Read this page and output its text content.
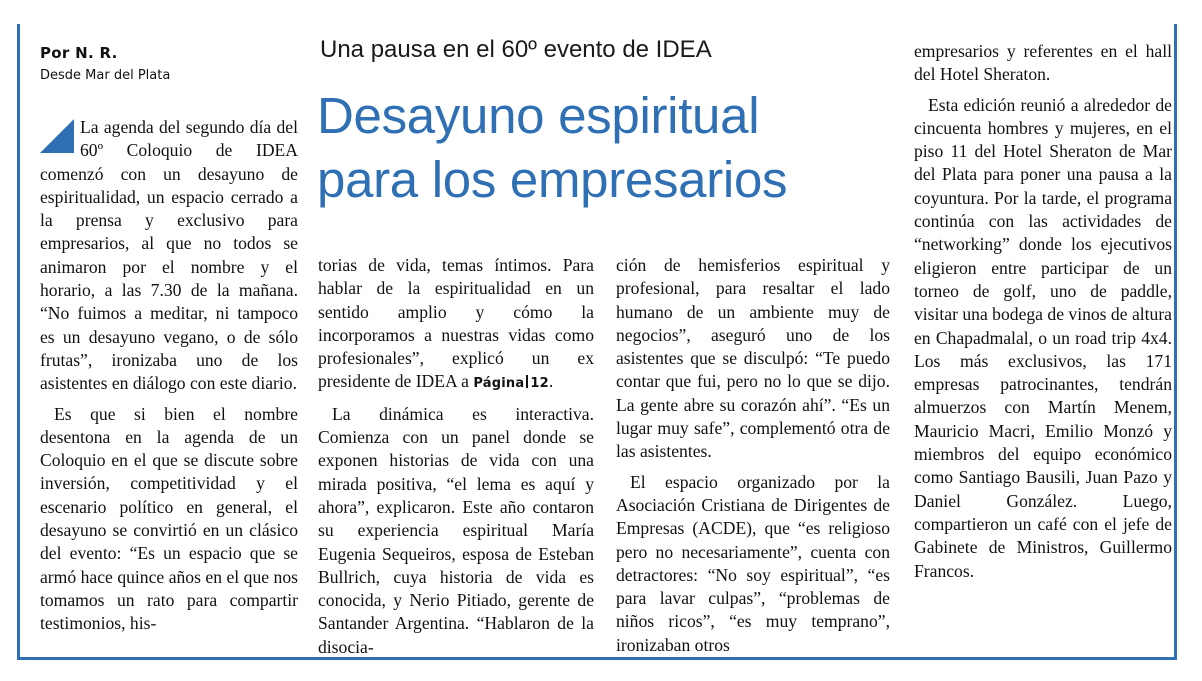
Por N. R.
Desde Mar del Plata
Una pausa en el 60º evento de IDEA
Desayuno espiritual
para los empresarios

La agenda del segundo día del 60º Coloquio de IDEA comenzó con un desayuno de espiritualidad, un espacio cerrado a la prensa y exclusivo para empresarios, al que no todos se animaron por el nombre y el horario, a las 7.30 de la mañana. “No fuimos a meditar, ni tampoco es un desayuno vegano, o de sólo frutas”, ironizaba uno de los asistentes en diálogo con este diario.

Es que si bien el nombre desentona en la agenda de un Coloquio en el que se discute sobre inversión, competitividad y el escenario político en general, el desayuno se convirtió en un clásico del evento: “Es un espacio que se armó hace quince años en el que nos tomamos un rato para compartir testimonios, his-

torias de vida, temas íntimos. Para hablar de la espiritualidad en un sentido amplio y cómo la incorporamos a nuestras vidas como profesionales”, explicó un ex presidente de IDEA a Página 12.

La dinámica es interactiva. Comienza con un panel donde se exponen historias de vida con una mirada positiva, “el lema es aquí y ahora”, explicaron. Este año contaron su experiencia espiritual María Eugenia Sequeiros, esposa de Esteban Bullrich, cuya historia de vida es conocida, y Nerio Pitiado, gerente de Santander Argentina. “Hablaron de la disocia-

ción de hemisferios espiritual y profesional, para resaltar el lado humano de un ambiente muy de negocios”, aseguró uno de los asistentes que se disculpó: “Te puedo contar que fui, pero no lo que se dijo. La gente abre su corazón ahí”. “Es un lugar muy safe”, complementó otra de las asistentes.

El espacio organizado por la Asociación Cristiana de Dirigentes de Empresas (ACDE), que “es religioso pero no necesariamente”, cuenta con detractores: “No soy espiritual”, “es para lavar culpas”, “problemas de niños ricos”, “es muy temprano”, ironizaban otros

empresarios y referentes en el hall del Hotel Sheraton.

Esta edición reunió a alrededor de cincuenta hombres y mujeres, en el piso 11 del Hotel Sheraton de Mar del Plata para poner una pausa a la coyuntura. Por la tarde, el programa continúa con las actividades de “networking” donde los ejecutivos eligieron entre participar de un torneo de golf, uno de paddle, visitar una bodega de vinos de altura en Chapadmalal, o un road trip 4x4. Los más exclusivos, las 171 empresas patrocinantes, tendrán almuerzos con Martín Menem, Mauricio Macri, Emilio Monzó y miembros del equipo económico como Santiago Bausili, Juan Pazo y Daniel González. Luego, compartieron un café con el jefe de Gabinete de Ministros, Guillermo Francos.
